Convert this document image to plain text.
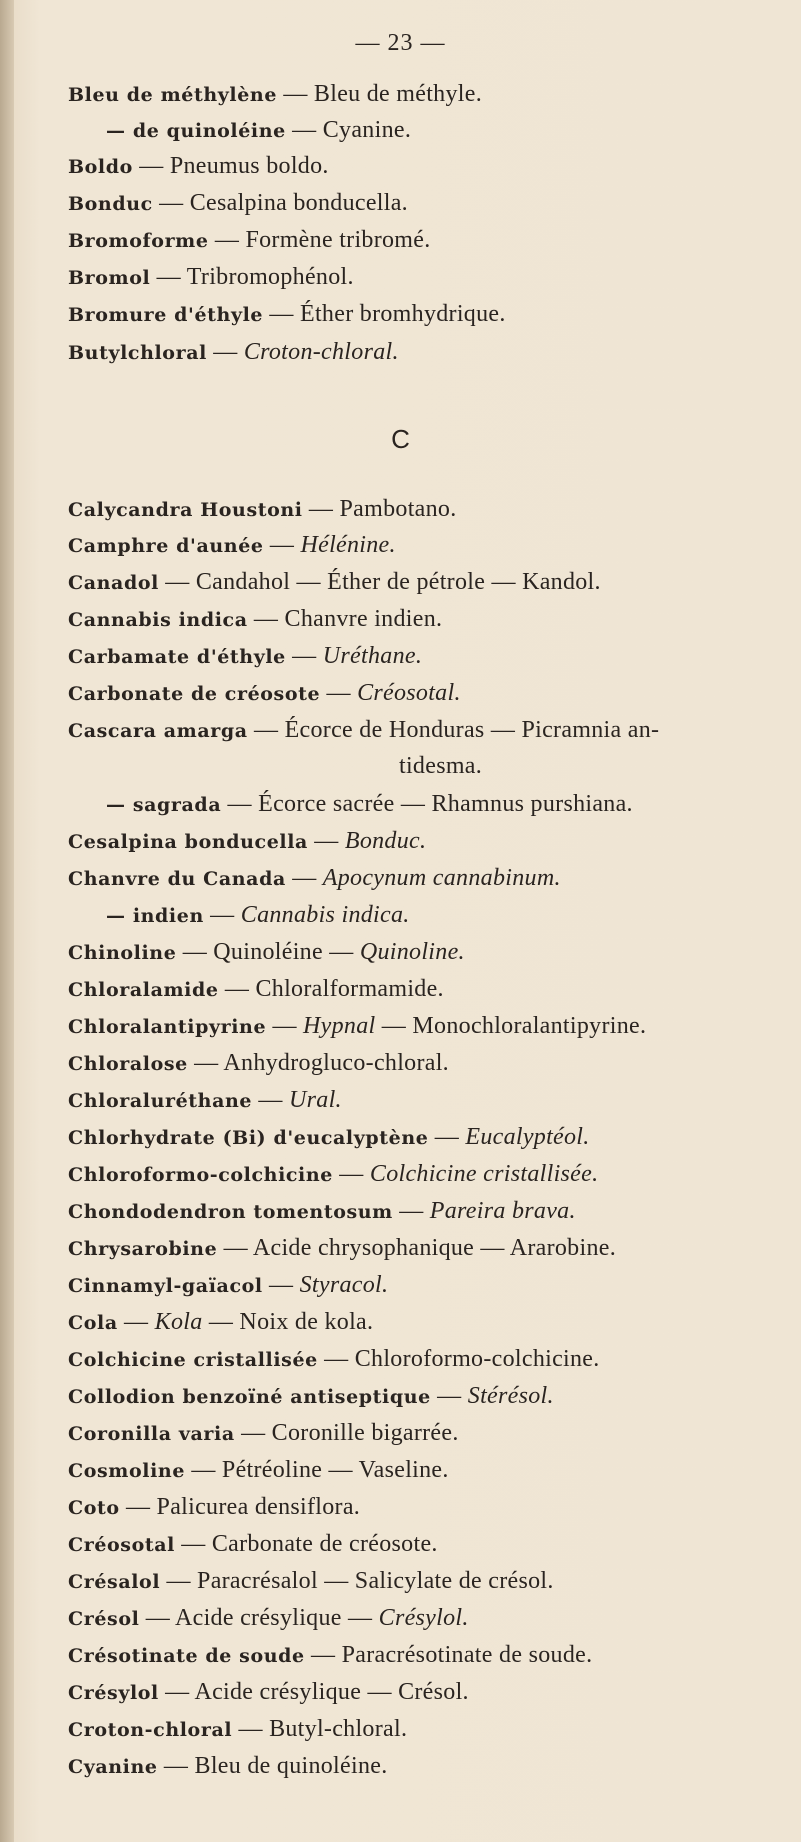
— 23 —
Bleu de méthylène — Bleu de méthyle.
— de quinoléine — Cyanine.
Boldo — Pneumus boldo.
Bonduc — Cesalpina bonducella.
Bromoforme — Formène tribromé.
Bromol — Tribromophénol.
Bromure d'éthyle — Éther bromhydrique.
Butylchloral — Croton-chloral.
Calycandra Houstoni — Pambotano.
Camphre d'aunée — Hélénine.
Canadol — Candahol — Éther de pétrole — Kandol.
Cannabis indica — Chanvre indien.
Carbamate d'éthyle — Uréthane.
Carbonate de créosote — Créosotal.
Cascara amarga — Écorce de Honduras — Picramnia an-
tidesma.
— sagrada — Écorce sacrée — Rhamnus purshiana.
Cesalpina bonducella — Bonduc.
Chanvre du Canada — Apocynum cannabinum.
— indien — Cannabis indica.
Chinoline — Quinoléine — Quinoline.
Chloralamide — Chloralformamide.
Chloralantipyrine — Hypnal — Monochloralantipyrine.
Chloralose — Anhydrogluco-chloral.
Chloraluréthane — Ural.
Chlorhydrate (Bi) d'eucalyptène — Eucalyptéol.
Chloroformo-colchicine — Colchicine cristallisée.
Chondodendron tomentosum — Pareira brava.
Chrysarobine — Acide chrysophanique — Ararobine.
Cinnamyl-gaïacol — Styracol.
Cola — Kola — Noix de kola.
Colchicine cristallisée — Chloroformo-colchicine.
Collodion benzoïné antiseptique — Stérésol.
Coronilla varia — Coronille bigarrée.
Cosmoline — Pétréoline — Vaseline.
Coto — Palicurea densiflora.
Créosotal — Carbonate de créosote.
Crésalol — Paracrésalol — Salicylate de crésol.
Crésol — Acide crésylique — Crésylol.
Crésotinate de soude — Paracrésotinate de soude.
Crésylol — Acide crésylique — Crésol.
Croton-chloral — Butyl-chloral.
Cyanine — Bleu de quinoléine.
C
